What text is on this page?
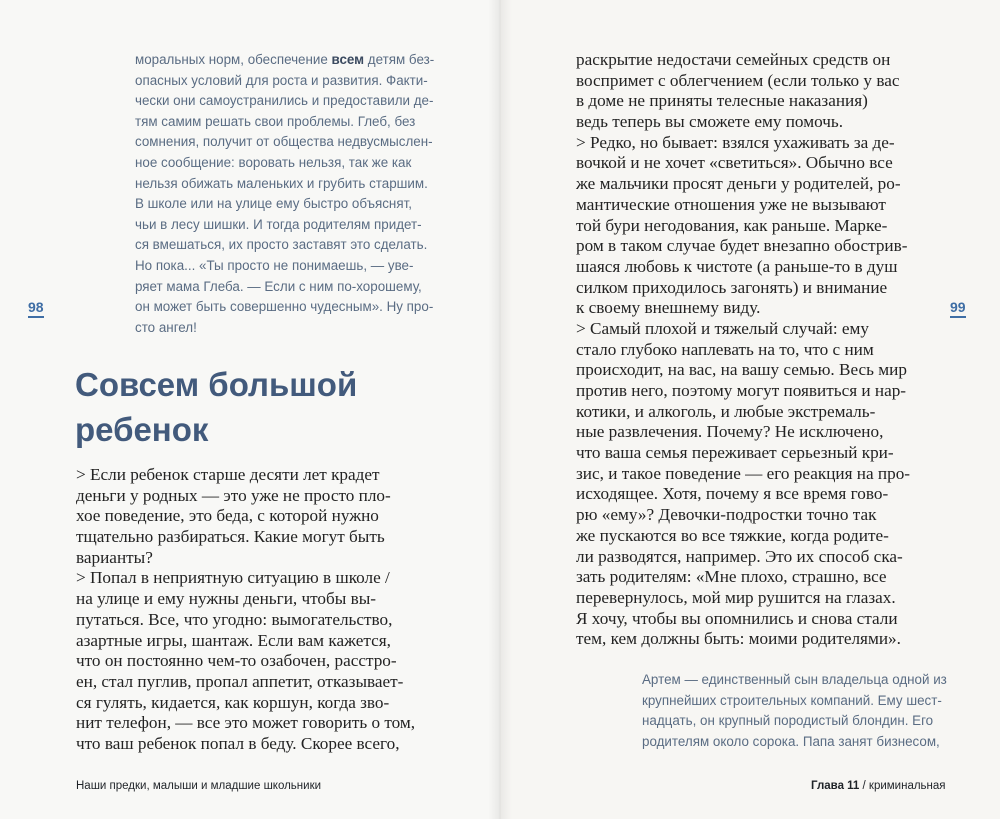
98
моральных норм, обеспечение всем детям без-
опасных условий для роста и развития. Факти-
чески они самоустранились и предоставили де-
тям самим решать свои проблемы. Глеб, без
сомнения, получит от общества недвусмыслен-
ное сообщение: воровать нельзя, так же как
нельзя обижать маленьких и грубить старшим.
В школе или на улице ему быстро объяснят,
чьи в лесу шишки. И тогда родителям придет-
ся вмешаться, их просто заставят это сделать.
Но пока... «Ты просто не понимаешь, — уве-
ряет мама Глеба. — Если с ним по-хорошему,
он может быть совершенно чудесным». Ну про-
сто ангел!
Совсем большой
ребенок
> Если ребенок старше десяти лет крадет
деньги у родных — это уже не просто пло-
хое поведение, это беда, с которой нужно
тщательно разбираться. Какие могут быть
варианты?
> Попал в неприятную ситуацию в школе /
на улице и ему нужны деньги, чтобы вы-
путаться. Все, что угодно: вымогательство,
азартные игры, шантаж. Если вам кажется,
что он постоянно чем-то озабочен, расстро-
ен, стал пуглив, пропал аппетит, отказывает-
ся гулять, кидается, как коршун, когда зво-
нит телефон, — все это может говорить о том,
что ваш ребенок попал в беду. Скорее всего,
Наши предки, малыши и младшие школьники
99
раскрытие недостачи семейных средств он
воспримет с облегчением (если только у вас
в доме не приняты телесные наказания)
ведь теперь вы сможете ему помочь.
> Редко, но бывает: взялся ухаживать за де-
вочкой и не хочет «светиться». Обычно все
же мальчики просят деньги у родителей, ро-
мантические отношения уже не вызывают
той бури негодования, как раньше. Марке-
ром в таком случае будет внезапно обострив-
шаяся любовь к чистоте (а раньше-то в душ
силком приходилось загонять) и внимание
к своему внешнему виду.
> Самый плохой и тяжелый случай: ему
стало глубоко наплевать на то, что с ним
происходит, на вас, на вашу семью. Весь мир
против него, поэтому могут появиться и нар-
котики, и алкоголь, и любые экстремаль-
ные развлечения. Почему? Не исключено,
что ваша семья переживает серьезный кри-
зис, и такое поведение — его реакция на про-
исходящее. Хотя, почему я все время гово-
рю «ему»? Девочки-подростки точно так
же пускаются во все тяжкие, когда родите-
ли разводятся, например. Это их способ ска-
зать родителям: «Мне плохо, страшно, все
перевернулось, мой мир рушится на глазах.
Я хочу, чтобы вы опомнились и снова стали
тем, кем должны быть: моими родителями».
Артем — единственный сын владельца одной из
крупнейших строительных компаний. Ему шест-
надцать, он крупный породистый блондин. Его
родителям около сорока. Папа занят бизнесом,
Глава 11 / криминальная
